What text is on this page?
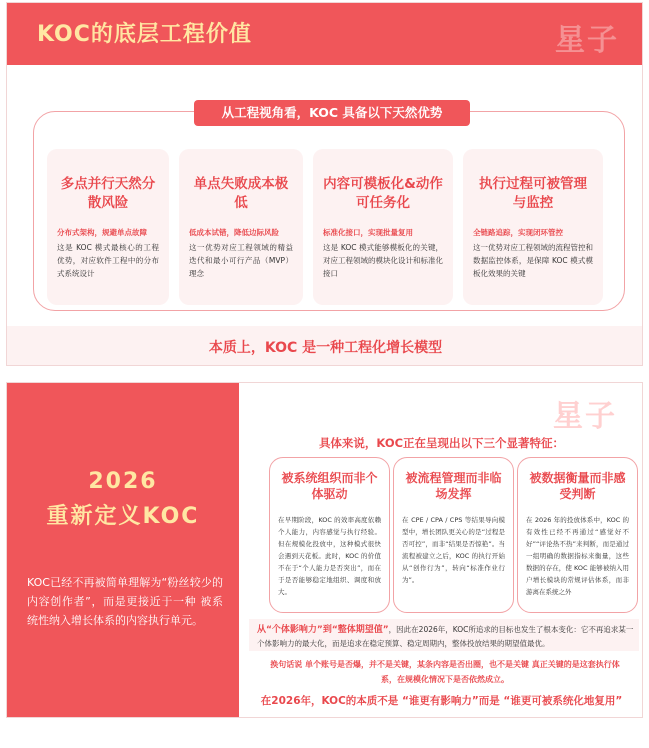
KOC的底层工程价值	星子
从工程视角看，KOC 具备以下天然优势
多点并行天然分散风险
分布式架构，规避单点故障
这是 KOC 模式最核心的工程优势，对应软件工程中的分布式系统设计
单点失败成本极低
低成本试错，降低边际风险
这一优势对应工程领域的精益迭代和最小可行产品（MVP）理念
内容可模板化&动作可任务化
标准化接口，实现批量复用
这是 KOC 模式能够模板化的关键，对应工程领域的模块化设计和标准化接口
执行过程可被管理与监控
全链路追踪，实现闭环管控
这一优势对应工程领域的流程管控和数据监控体系，是保障 KOC 模式模板化效果的关键
本质上，KOC 是一种工程化增长模型
2026
重新定义KOC
KOC已经不再被简单理解为“粉丝较少的内容创作者”，而是更接近于一种 被系统性纳入增长体系的内容执行单元。
星子
具体来说，KOC正在呈现出以下三个显著特征：
被系统组织而非个体驱动
在早期阶段，KOC 的效率高度依赖个人能力，内容感觉与执行经验。但在规模化投放中，这种模式很快会遇到天花板。此时，KOC 的价值不在于“个人能力是否突出”，而在于是否能够稳定地组织、调度和放大。
被流程管理而非临场发挥
在 CPE / CPA / CPS 等结果导向模型中，增长团队更关心的是“过程是否可控”，而非“结果是否惊艳”。当流程被建立之后，KOC 的执行开始从“创作行为”，转向“标准作业行为”。
被数据衡量而非感受判断
在 2026 年的投放体系中，KOC 的有效性已经不再通过“感觉好不好”“评论热不热”来判断，而是通过一组明确的数据指标来衡量，这些数据的存在，使 KOC 能够被纳入用户增长模块的常规评估体系，而非游离在系统之外
从“个体影响力”到“整体期望值”，因此在2026年，KOC所追求的目标也发生了根本变化：它不再追求某一个体影响力的最大化，而是追求在稳定预算、稳定周期内，整体投放结果的期望值最优。
换句话说 单个账号是否爆，并不是关键，某条内容是否出圈，也不是关键 真正关键的是这套执行体系，在规模化情况下是否依然成立。
在2026年，KOC的本质不是 “谁更有影响力”而是 “谁更可被系统化地复用”
